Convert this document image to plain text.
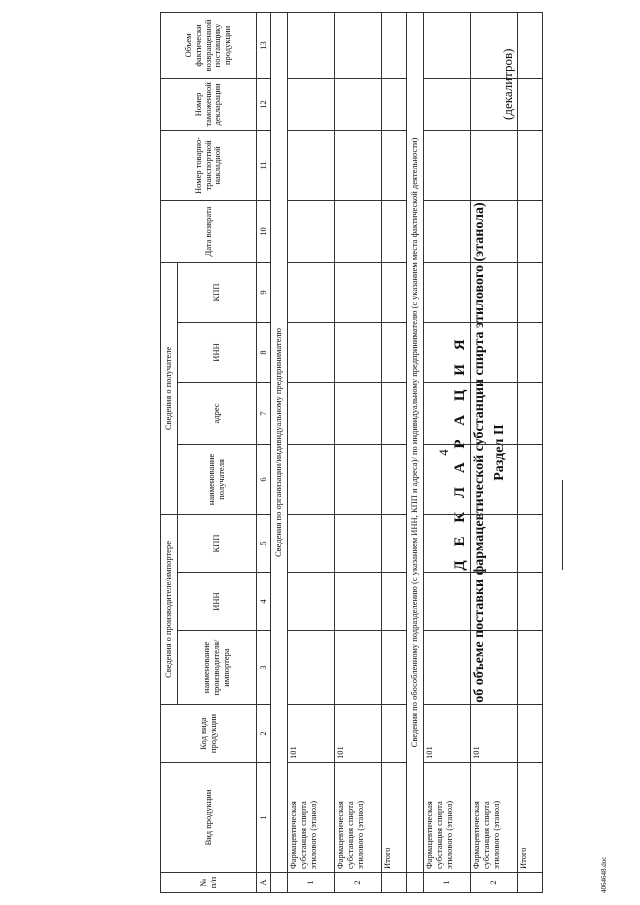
4 Д Е К Л А Р А Ц И Я об объеме поставки фармацевтической субстанции спирта этилового (этанола) Раздел II
(декалитров)
№ п/п	Вид продукции	Код вида продукции	Сведения о производителе/импортере			Сведения о получателе				Дата возврата	Номер товарно-транспортной накладной	Номер таможенной декларации	Объем фактически возвращенной поставщику продукции
			наименование производителя/ импортера	ИНН	КПП	наименование получателя	адрес	ИНН	КПП				
А	1	2	3	4	5	6	7	8	9	10	11	12	13
	Сведения по организации/индивидуальному предпринимателю												
1	Фармацевтическая субстанция спирта этилового (этанол)	101											
2	Фармацевтическая субстанция спирта этилового (этанол)	101											
	Итого												
	Сведения по обособленному подразделению (с указанием ИНН, КПП и адреса)/ по индивидуальному предпринимателю (с указанием места фактической деятельности)												
1	Фармацевтическая субстанция спирта этилового (этанол)	101											
2	Фармацевтическая субстанция спирта этилового (этанол)	101											
	Итого													4064648.doc
